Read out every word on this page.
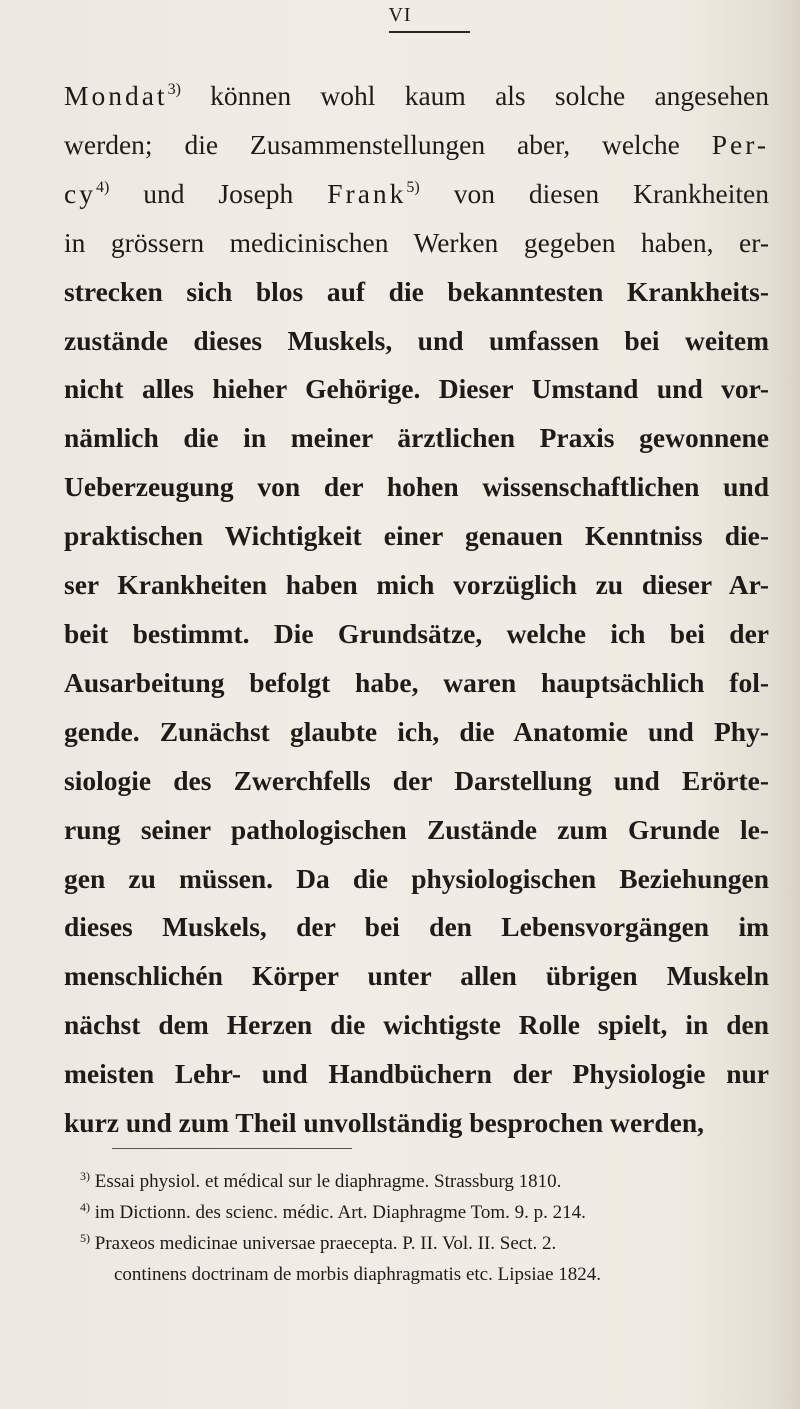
VI
Mondat$^{3)}$ können wohl kaum als solche angesehen
werden; die Zusammenstellungen aber, welche Per-
$cy^{4)}$ und Joseph Frank$^{5)}$ von diesen Krankheiten
in grössern medicinischen Werken gegeben haben, er-
strecken sich blos auf die bekanntesten Krankheits-
zustände dieses Muskels, und umfassen bei weitem
nicht alles hieher Gehörige. Dieser Umstand und vor-
nämlich die in meiner ärztlichen Praxis gewonnene
Ueberzeugung von der hohen wissenschaftlichen und
praktischen Wichtigkeit einer genauen Kenntniss die-
ser Krankheiten haben mich vorzüglich zu dieser Ar-
beit bestimmt. Die Grundsätze, welche ich bei der
Ausarbeitung befolgt habe, waren hauptsächlich fol-
gende. Zunächst glaubte ich, die Anatomie und Phy-
siologie des Zwerchfells der Darstellung und Erörte-
rung seiner pathologischen Zustände zum Grunde le-
gen zu müssen. Da die physiologischen Beziehungen
dieses Muskels, der bei den Lebensvorgängen im
menschlichén Körper unter allen übrigen Muskeln
nächst dem Herzen die wichtigste Rolle spielt, in den
meisten Lehr- und Handbüchern der Physiologie nur
kurz und zum Theil unvollständig besprochen werden,
$^{3)}$ Essai physiol. et médical sur le diaphragme. Strassburg 1810.
$^{4)}$ im Dictionn. des scienc. médic. Art. Diaphragme Tom. 9. p. 214.
$^{5)}$ Praxeos medicinae universae praecepta. P. II. Vol. II. Sect. 2.
continens doctrinam de morbis diaphragmatis etc. Lipsiae 1824.
